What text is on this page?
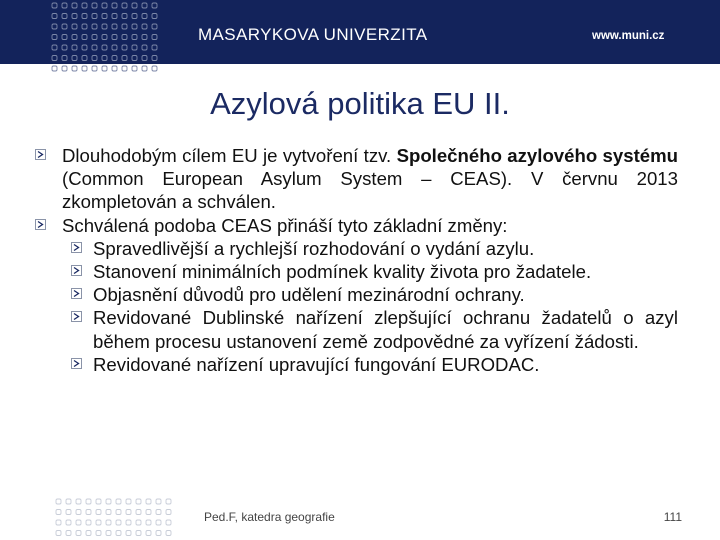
MASARYKOVA UNIVERZITA	www.muni.cz
Azylová politika EU II.
Dlouhodobým cílem EU je vytvoření tzv. Společného azylového systému (Common European Asylum System – CEAS). V červnu 2013 zkompletován a schválen.
Schválená podoba CEAS přináší tyto základní změny:
Spravedlivější a rychlejší rozhodování o vydání azylu.
Stanovení minimálních podmínek kvality života pro žadatele.
Objasnění důvodů pro udělení mezinárodní ochrany.
Revidované Dublinské nařízení zlepšující ochranu žadatelů o azyl během procesu ustanovení země zodpovědné za vyřízení žádosti.
Revidované nařízení upravující fungování EURODAC.
Ped.F, katedra geografie	111
